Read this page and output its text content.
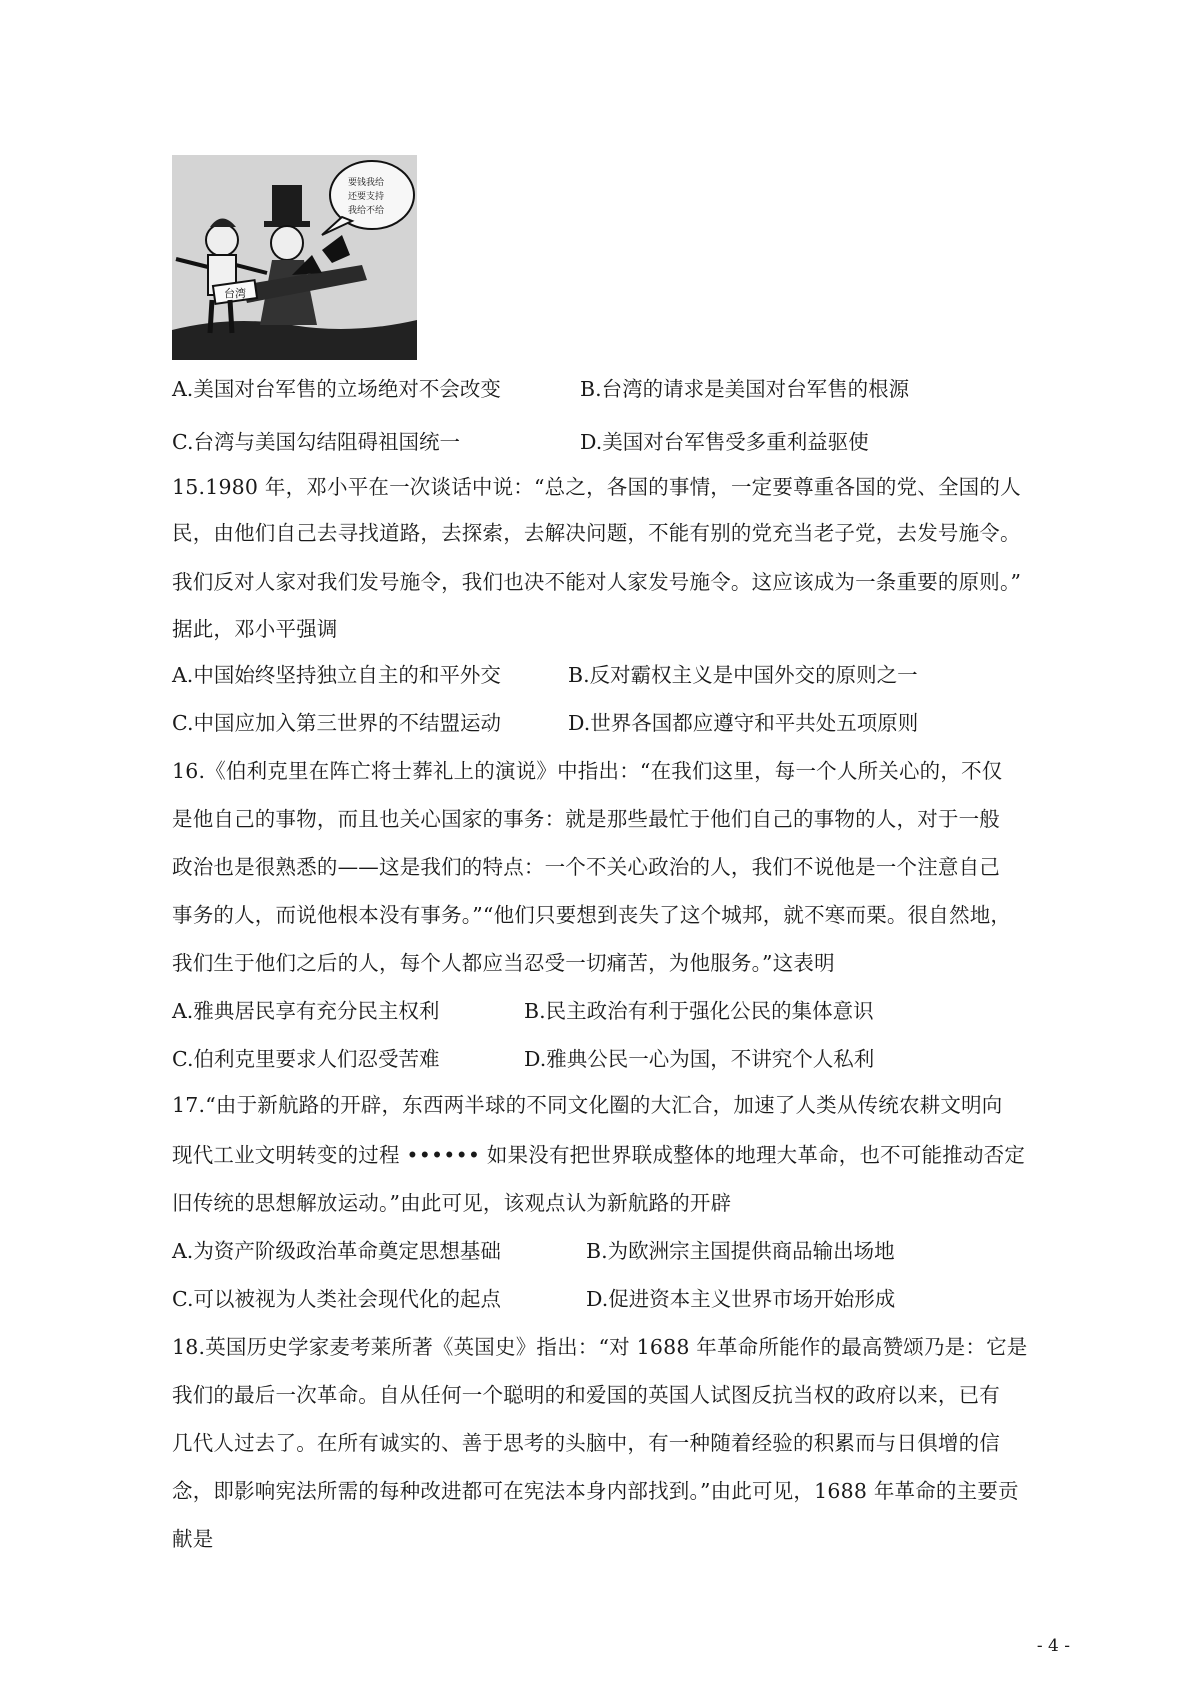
台湾
要钱我给
还要支持
我给不给
A.美国对台军售的立场绝对不会改变	B.台湾的请求是美国对台军售的根源
C.台湾与美国勾结阻碍祖国统一	D.美国对台军售受多重利益驱使
15.1980 年，邓小平在一次谈话中说：“总之，各国的事情，一定要尊重各国的党、全国的人
民，由他们自己去寻找道路，去探索，去解决问题，不能有别的党充当老子党，去发号施令。
我们反对人家对我们发号施令，我们也决不能对人家发号施令。这应该成为一条重要的原则。”
据此，邓小平强调
A.中国始终坚持独立自主的和平外交	B.反对霸权主义是中国外交的原则之一
C.中国应加入第三世界的不结盟运动	D.世界各国都应遵守和平共处五项原则
16.《伯利克里在阵亡将士葬礼上的演说》中指出：“在我们这里，每一个人所关心的，不仅
是他自己的事物，而且也关心国家的事务：就是那些最忙于他们自己的事物的人，对于一般
政治也是很熟悉的——这是我们的特点：一个不关心政治的人，我们不说他是一个注意自己
事务的人，而说他根本没有事务。”“他们只要想到丧失了这个城邦，就不寒而栗。很自然地，
我们生于他们之后的人，每个人都应当忍受一切痛苦，为他服务。”这表明
A.雅典居民享有充分民主权利	B.民主政治有利于强化公民的集体意识
C.伯利克里要求人们忍受苦难	D.雅典公民一心为国，不讲究个人私利
17.“由于新航路的开辟，东西两半球的不同文化圈的大汇合，加速了人类从传统农耕文明向
现代工业文明转变的过程 •••••• 如果没有把世界联成整体的地理大革命，也不可能推动否定
旧传统的思想解放运动。”由此可见，该观点认为新航路的开辟
A.为资产阶级政治革命奠定思想基础	B.为欧洲宗主国提供商品输出场地
C.可以被视为人类社会现代化的起点	D.促进资本主义世界市场开始形成
18.英国历史学家麦考莱所著《英国史》指出：“对 1688 年革命所能作的最高赞颂乃是：它是
我们的最后一次革命。自从任何一个聪明的和爱国的英国人试图反抗当权的政府以来，已有
几代人过去了。在所有诚实的、善于思考的头脑中，有一种随着经验的积累而与日俱增的信
念，即影响宪法所需的每种改进都可在宪法本身内部找到。”由此可见，1688 年革命的主要贡
献是
- 4 -
